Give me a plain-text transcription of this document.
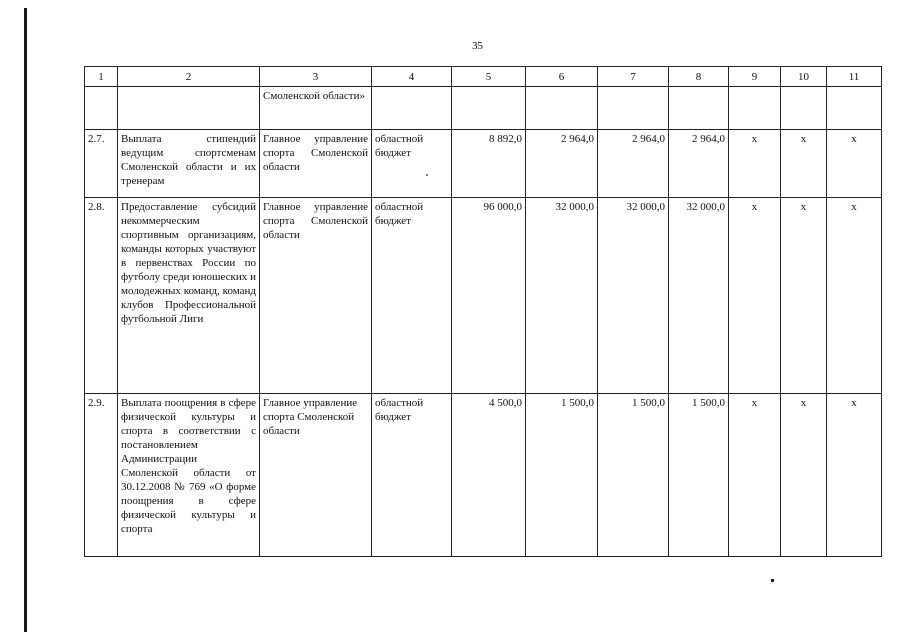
35
1	2	3	4	5	6	7	8	9	10	11
		Смоленской области»								
2.7.	Выплата стипендий ведущим спортсменам Смоленской области и их тренерам	Главное управление спорта Смоленской области	областной бюджет	8 892,0	2 964,0	2 964,0	2 964,0	х	х	х
2.8.	Предоставление субсидий некоммерческим спортивным организациям, команды которых участвуют в первенствах России по футболу среди юношеских и молодежных команд, команд клубов Профессиональной футбольной Лиги	Главное управление спорта Смоленской области	областной бюджет	96 000,0	32 000,0	32 000,0	32 000,0	х	х	х
2.9.	Выплата поощрения в сфере физической культуры и спорта в соответствии с постановлением Администрации Смоленской области от 30.12.2008 № 769 «О форме поощрения в сфере физической культуры и спорта	Главное управление спорта Смоленской области	областной бюджет	4 500,0	1 500,0	1 500,0	1 500,0	х	х	х
